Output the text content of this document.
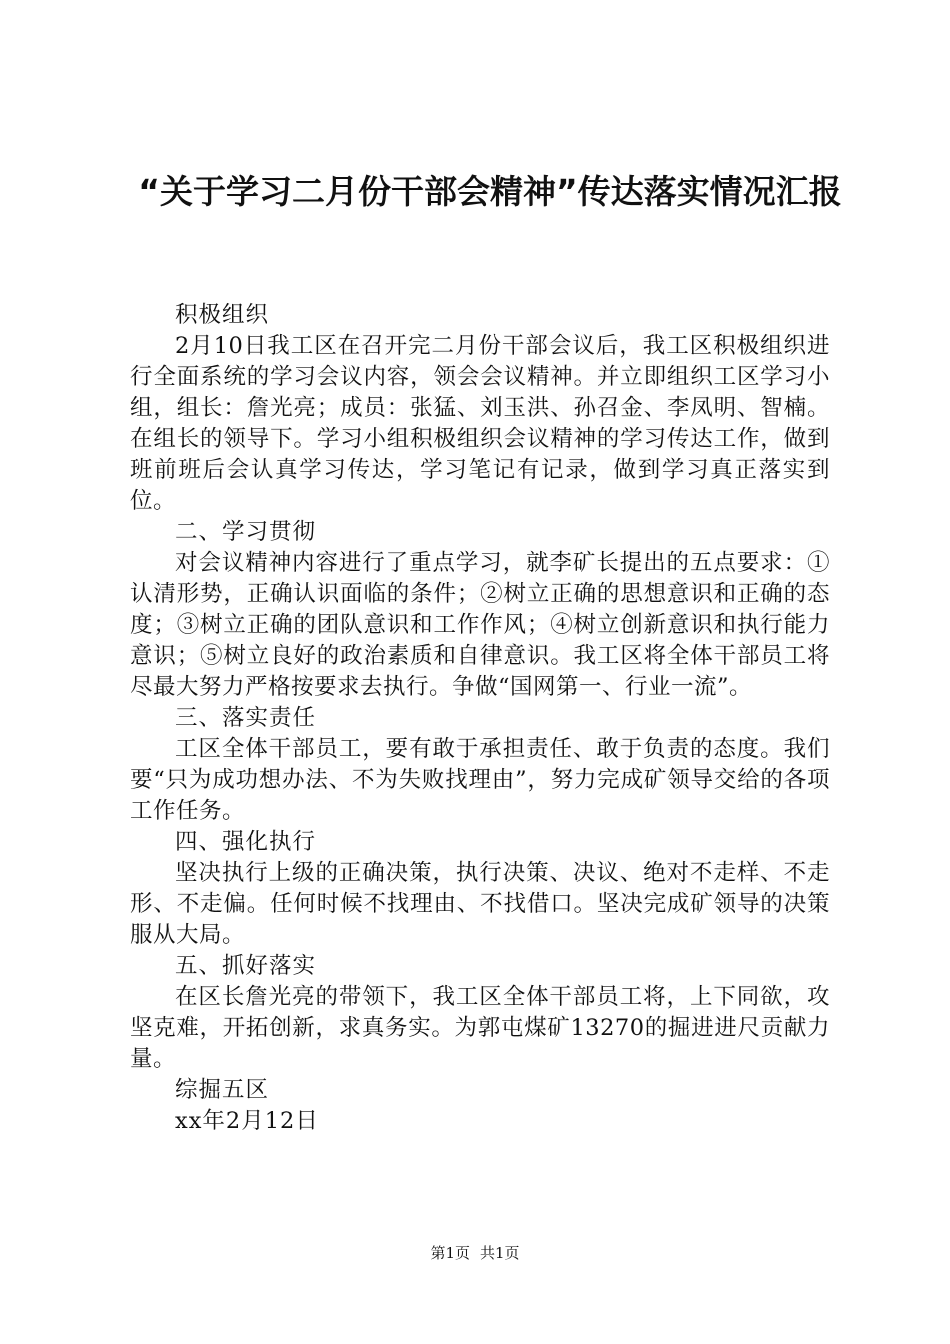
“关于学习二月份干部会精神”传达落实情况汇报

积极组织

2月10日我工区在召开完二月份干部会议后，我工区积极组织进行全面系统的学习会议内容，领会会议精神。并立即组织工区学习小组，组长：詹光亮；成员：张猛、刘玉洪、孙召金、李凤明、智楠。在组长的领导下。学习小组积极组织会议精神的学习传达工作，做到班前班后会认真学习传达，学习笔记有记录，做到学习真正落实到位。

二、学习贯彻

对会议精神内容进行了重点学习，就李矿长提出的五点要求：①认清形势，正确认识面临的条件；②树立正确的思想意识和正确的态度；③树立正确的团队意识和工作作风；④树立创新意识和执行能力意识；⑤树立良好的政治素质和自律意识。我工区将全体干部员工将尽最大努力严格按要求去执行。争做“国网第一、行业一流”。

三、落实责任

工区全体干部员工，要有敢于承担责任、敢于负责的态度。我们要“只为成功想办法、不为失败找理由”，努力完成矿领导交给的各项工作任务。

四、强化执行

坚决执行上级的正确决策，执行决策、决议、绝对不走样、不走形、不走偏。任何时候不找理由、不找借口。坚决完成矿领导的决策服从大局。

五、抓好落实

在区长詹光亮的带领下，我工区全体干部员工将，上下同欲，攻坚克难，开拓创新，求真务实。为郭屯煤矿13270的掘进进尺贡献力量。

综掘五区

xx年2月12日

第1页 共1页
